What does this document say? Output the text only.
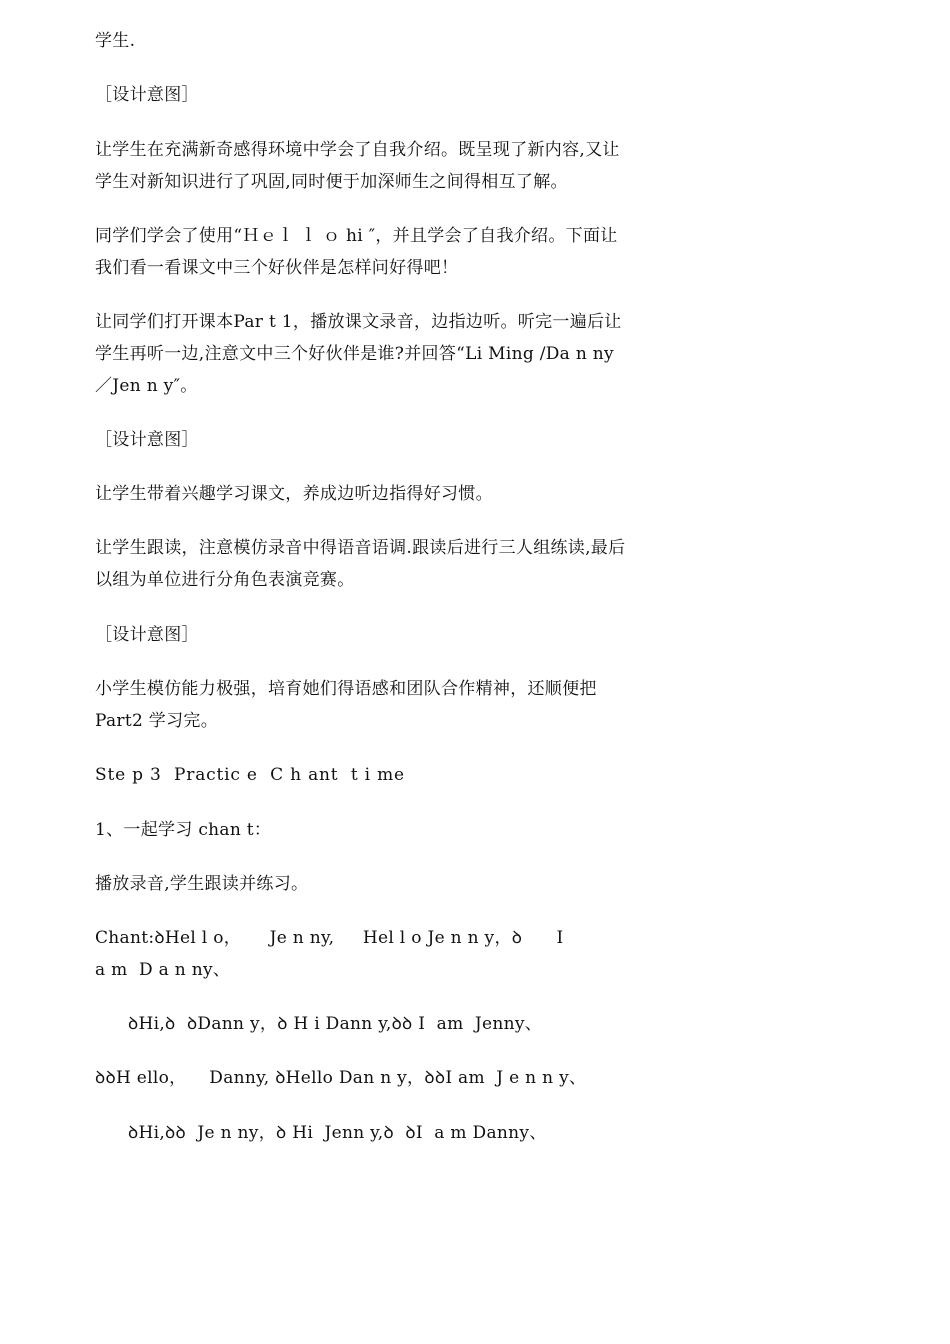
学生.
［设计意图］
让学生在充满新奇感得环境中学会了自我介绍。既呈现了新内容,又让
学生对新知识进行了巩固,同时便于加深师生之间得相互了解。
同学们学会了使用“Ｈｅｌ ｌ ｏ hi ″，并且学会了自我介绍。下面让
我们看一看课文中三个好伙伴是怎样问好得吧！
让同学们打开课本Par t 1，播放课文录音，边指边听。听完一遍后让
学生再听一边,注意文中三个好伙伴是谁?并回答“Li Ming /Da n ny
／Jen n y″。
［设计意图］
让学生带着兴趣学习课文，养成边听边指得好习惯。
让学生跟读，注意模仿录音中得语音语调.跟读后进行三人组练读,最后
以组为单位进行分角色表演竞赛。
［设计意图］
小学生模仿能力极强，培育她们得语感和团队合作精神，还顺便把
Part2 学习完。
Ste p 3  Practic e  C h ant  t i me
1、一起学习 chan t：
播放录音,学生跟读并练习。
Chant:ꝺHel l o，     Je n ny,     Hel l o Je n n y，ꝺ      I
a m  D a n ny、
ꝺHi,ꝺ  ꝺDann y，ꝺ H i Dann y,ꝺꝺ I  am  Jenny、
ꝺꝺH ello，    Danny, ꝺHello Dan n y，ꝺꝺI am  J e n n y、
ꝺHi,ꝺꝺ  Je n ny，ꝺ Hi  Jenn y,ꝺ  ꝺI  a m Danny、
